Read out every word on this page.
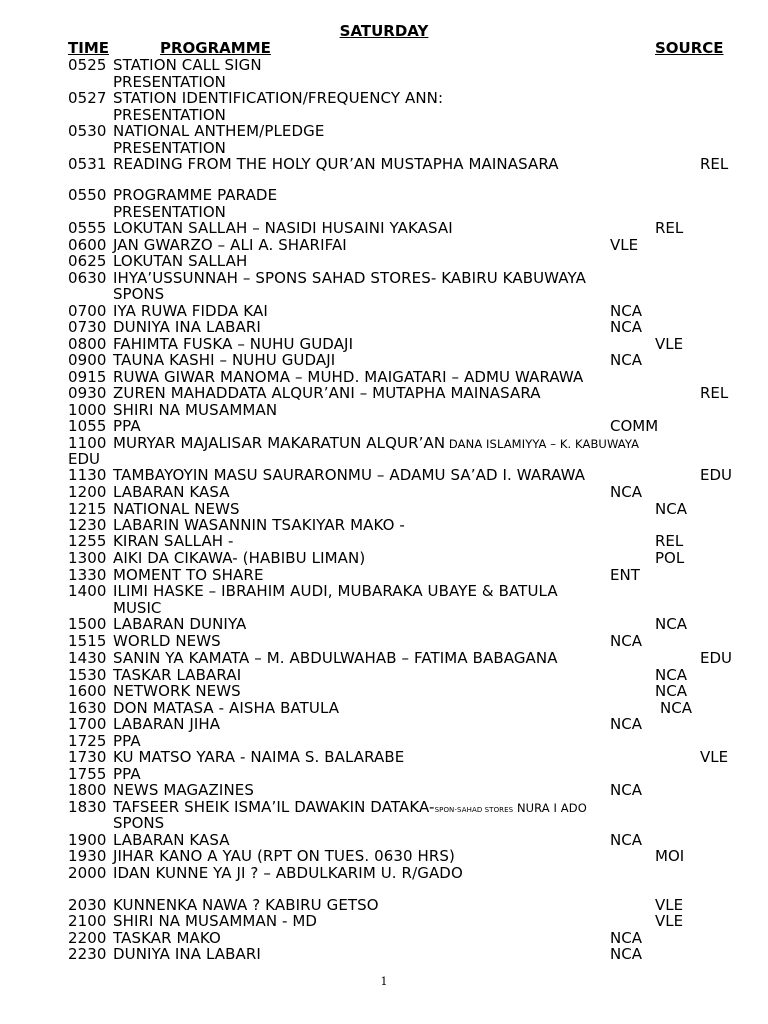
SATURDAY
TIME	PROGRAMME	SOURCE
0525 STATION CALL SIGN
PRESENTATION
0527 STATION IDENTIFICATION/FREQUENCY ANN:
PRESENTATION
0530 NATIONAL ANTHEM/PLEDGE
PRESENTATION
0531 READING FROM THE HOLY QUR’AN MUSTAPHA MAINASARA	REL
0550 PROGRAMME PARADE
PRESENTATION
0555 LOKUTAN SALLAH – NASIDI HUSAINI YAKASAI	REL
0600 JAN GWARZO – ALI A. SHARIFAI	VLE
0625 LOKUTAN SALLAH
0630 IHYA’USSUNNAH – SPONS SAHAD STORES- KABIRU KABUWAYA
SPONS
0700 IYA RUWA FIDDA KAI	NCA
0730 DUNIYA INA LABARI	NCA
0800 FAHIMTA FUSKA – NUHU GUDAJI	VLE
0900 TAUNA KASHI – NUHU GUDAJI	NCA
0915 RUWA GIWAR MANOMA – MUHD. MAIGATARI – ADMU WARAWA
0930 ZUREN MAHADDATA ALQUR’ANI – MUTAPHA MAINASARA	REL
1000 SHIRI NA MUSAMMAN
1055 PPA	COMM
1100 MURYAR MAJALISAR MAKARATUN ALQUR’AN DANA ISLAMIYYA – K. KABUWAYA
EDU
1130 TAMBAYOYIN MASU SAURARONMU – ADAMU SA’AD I. WARAWA	EDU
1200 LABARAN KASA	NCA
1215 NATIONAL NEWS	NCA
1230 LABARIN WASANNIN TSAKIYAR MAKO -
1255 KIRAN SALLAH -	REL
1300 AIKI DA CIKAWA- (HABIBU LIMAN)	POL
1330 MOMENT TO SHARE	ENT
1400 ILIMI HASKE – IBRAHIM AUDI, MUBARAKA UBAYE & BATULA
MUSIC
1500 LABARAN DUNIYA	NCA
1515 WORLD NEWS	NCA
1430 SANIN YA KAMATA – M. ABDULWAHAB – FATIMA BABAGANA	EDU
1530 TASKAR LABARAI	NCA
1600 NETWORK NEWS	NCA
1630 DON MATASA - AISHA BATULA	NCA
1700 LABARAN JIHA	NCA
1725 PPA
1730 KU MATSO YARA - NAIMA S. BALARABE	VLE
1755 PPA
1800 NEWS MAGAZINES	NCA
1830 TAFSEER SHEIK ISMA’IL DAWAKIN DATAKA-SPON-SAHAD STORES NURA I ADO
SPONS
1900 LABARAN KASA	NCA
1930 JIHAR KANO A YAU (RPT ON TUES. 0630 HRS)	MOI
2000 IDAN KUNNE YA JI ? – ABDULKARIM U. R/GADO
2030 KUNNENKA NAWA ? KABIRU GETSO	VLE
2100 SHIRI NA MUSAMMAN - MD	VLE
2200 TASKAR MAKO	NCA
2230 DUNIYA INA LABARI	NCA
1
